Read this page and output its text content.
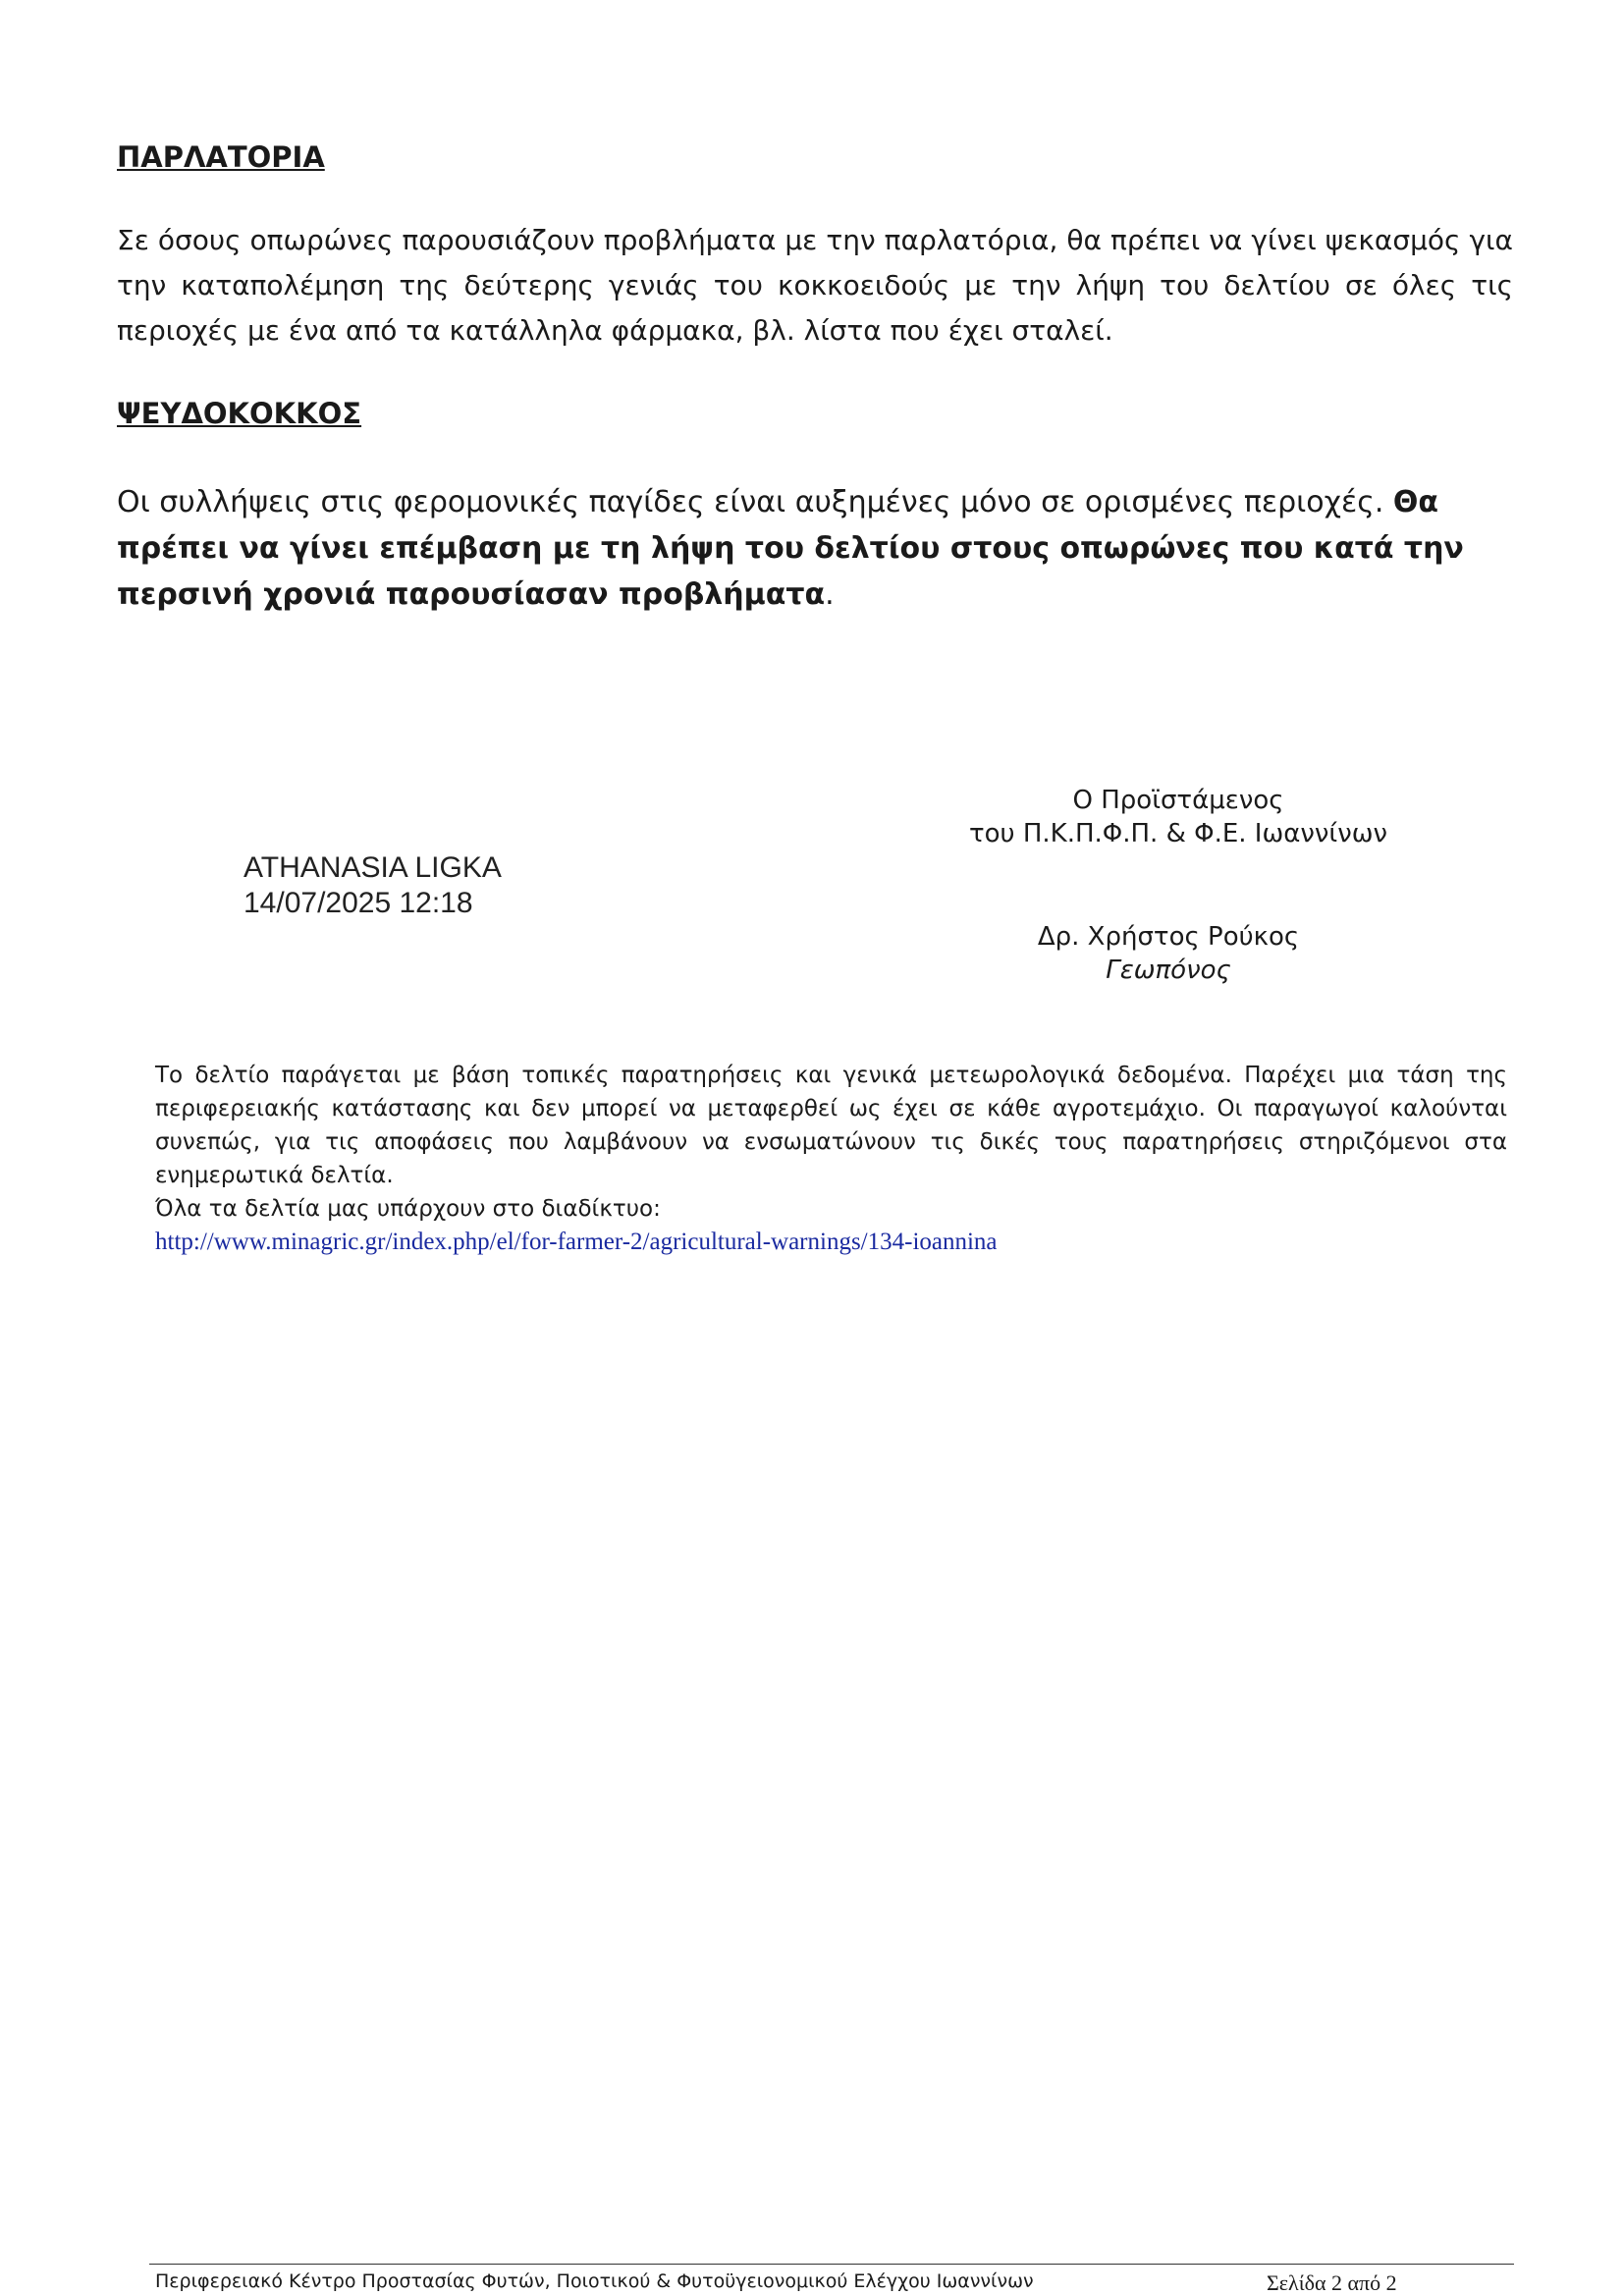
ΠΑΡΛΑΤΟΡΙΑ

Σε όσους οπωρώνες παρουσιάζουν προβλήματα με την παρλατόρια, θα πρέπει να γίνει ψεκασμός για την καταπολέμηση της δεύτερης γενιάς του κοκκοειδούς με την λήψη του δελτίου σε όλες τις περιοχές με ένα από τα κατάλληλα φάρμακα, βλ. λίστα που έχει σταλεί.

ΨΕΥΔΟΚΟΚΚΟΣ

Οι συλλήψεις στις φερομονικές παγίδες είναι αυξημένες μόνο σε ορισμένες περιοχές. Θα πρέπει να γίνει επέμβαση με τη λήψη του δελτίου στους οπωρώνες που κατά την περσινή χρονιά παρουσίασαν προβλήματα.

Ο Προϊστάμενος
του Π.Κ.Π.Φ.Π. & Φ.Ε. Ιωαννίνων
ATHANASIA LIGKA
14/07/2025 12:18
Δρ. Χρήστος Ρούκος
Γεωπόνος
Το δελτίο παράγεται με βάση τοπικές παρατηρήσεις και γενικά μετεωρολογικά δεδομένα. Παρέχει μια τάση της περιφερειακής κατάστασης και δεν μπορεί να μεταφερθεί ως έχει σε κάθε αγροτεμάχιο. Οι παραγωγοί καλούνται συνεπώς, για τις αποφάσεις που λαμβάνουν να ενσωματώνουν τις δικές τους παρατηρήσεις στηριζόμενοι στα ενημερωτικά δελτία.
Όλα τα δελτία μας υπάρχουν στο διαδίκτυο:
http://www.minagric.gr/index.php/el/for-farmer-2/agricultural-warnings/134-ioannina
Περιφερειακό Κέντρο Προστασίας Φυτών, Ποιοτικού & Φυτοϋγειονομικού Ελέγχου Ιωαννίνων	Σελίδα 2 από 2
